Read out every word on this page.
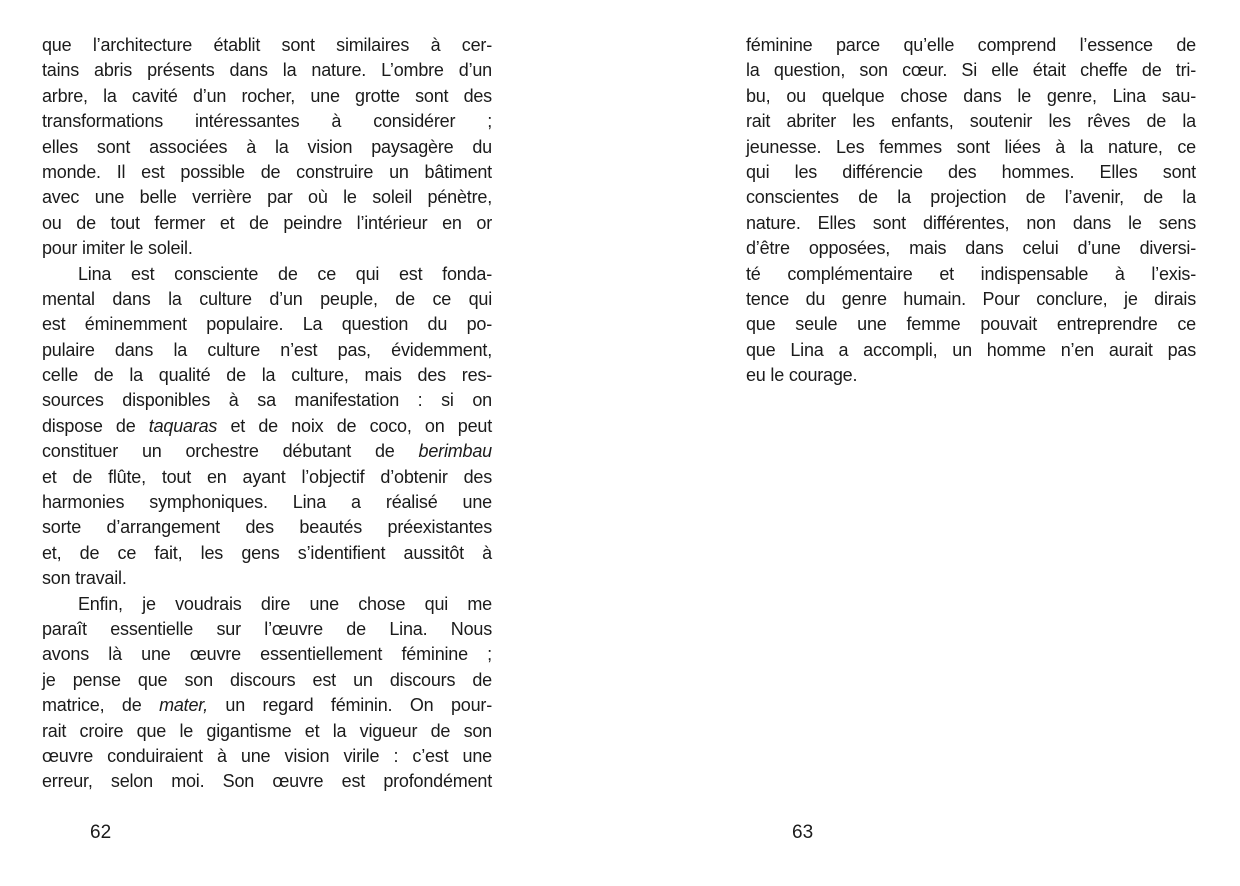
que l’architecture établit sont similaires à cer-
tains abris présents dans la nature. L’ombre d’un
arbre, la cavité d’un rocher, une grotte sont des
transformations intéressantes à considérer ;
elles sont associées à la vision paysagère du
monde. Il est possible de construire un bâtiment
avec une belle verrière par où le soleil pénètre,
ou de tout fermer et de peindre l’intérieur en or
pour imiter le soleil.
Lina est consciente de ce qui est fonda-
mental dans la culture d’un peuple, de ce qui
est éminemment populaire. La question du po-
pulaire dans la culture n’est pas, évidemment,
celle de la qualité de la culture, mais des res-
sources disponibles à sa manifestation : si on
dispose de taquaras et de noix de coco, on peut
constituer un orchestre débutant de berimbau
et de flûte, tout en ayant l’objectif d’obtenir des
harmonies symphoniques. Lina a réalisé une
sorte d’arrangement des beautés préexistantes
et, de ce fait, les gens s’identifient aussitôt à
son travail.
Enfin, je voudrais dire une chose qui me
paraît essentielle sur l’œuvre de Lina. Nous
avons là une œuvre essentiellement féminine ;
je pense que son discours est un discours de
matrice, de mater, un regard féminin. On pour-
rait croire que le gigantisme et la vigueur de son
œuvre conduiraient à une vision virile : c’est une
erreur, selon moi. Son œuvre est profondément
féminine parce qu’elle comprend l’essence de
la question, son cœur. Si elle était cheffe de tri-
bu, ou quelque chose dans le genre, Lina sau-
rait abriter les enfants, soutenir les rêves de la
jeunesse. Les femmes sont liées à la nature, ce
qui les différencie des hommes. Elles sont
conscientes de la projection de l’avenir, de la
nature. Elles sont différentes, non dans le sens
d’être opposées, mais dans celui d’une diversi-
té complémentaire et indispensable à l’exis-
tence du genre humain. Pour conclure, je dirais
que seule une femme pouvait entreprendre ce
que Lina a accompli, un homme n’en aurait pas
eu le courage.
62	63
